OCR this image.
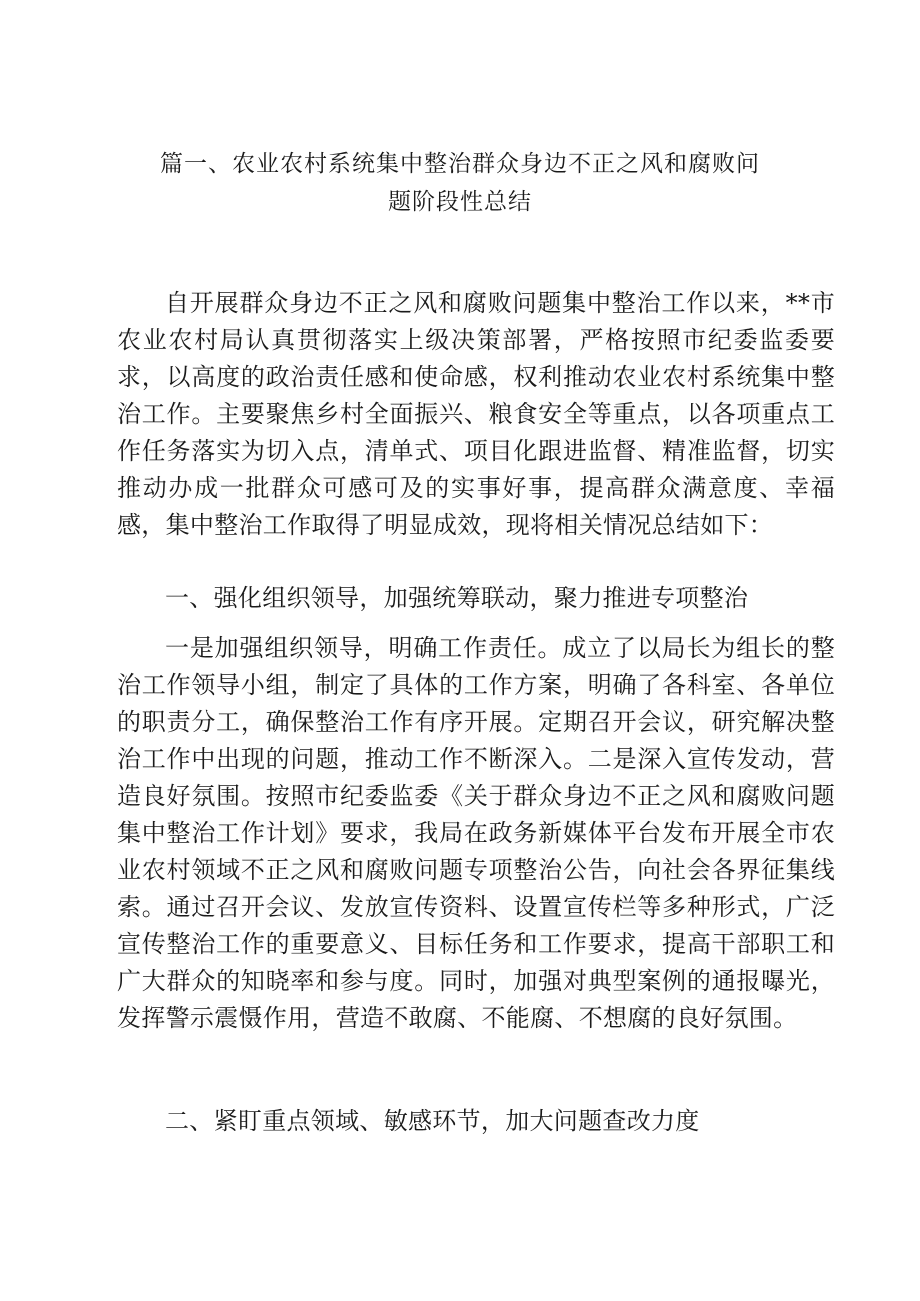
篇一、农业农村系统集中整治群众身边不正之风和腐败问
题阶段性总结
自开展群众身边不正之风和腐败问题集中整治工作以来，**市农业农村局认真贯彻落实上级决策部署，严格按照市纪委监委要求，以高度的政治责任感和使命感，权利推动农业农村系统集中整治工作。主要聚焦乡村全面振兴、粮食安全等重点，以各项重点工作任务落实为切入点，清单式、项目化跟进监督、精准监督，切实推动办成一批群众可感可及的实事好事，提高群众满意度、幸福感，集中整治工作取得了明显成效，现将相关情况总结如下：
一、强化组织领导，加强统筹联动，聚力推进专项整治
一是加强组织领导，明确工作责任。成立了以局长为组长的整治工作领导小组，制定了具体的工作方案，明确了各科室、各单位的职责分工，确保整治工作有序开展。定期召开会议，研究解决整治工作中出现的问题，推动工作不断深入。二是深入宣传发动，营造良好氛围。按照市纪委监委《关于群众身边不正之风和腐败问题集中整治工作计划》要求，我局在政务新媒体平台发布开展全市农业农村领域不正之风和腐败问题专项整治公告，向社会各界征集线索。通过召开会议、发放宣传资料、设置宣传栏等多种形式，广泛宣传整治工作的重要意义、目标任务和工作要求，提高干部职工和广大群众的知晓率和参与度。同时，加强对典型案例的通报曝光，发挥警示震慑作用，营造不敢腐、不能腐、不想腐的良好氛围。
二、紧盯重点领域、敏感环节，加大问题查改力度
